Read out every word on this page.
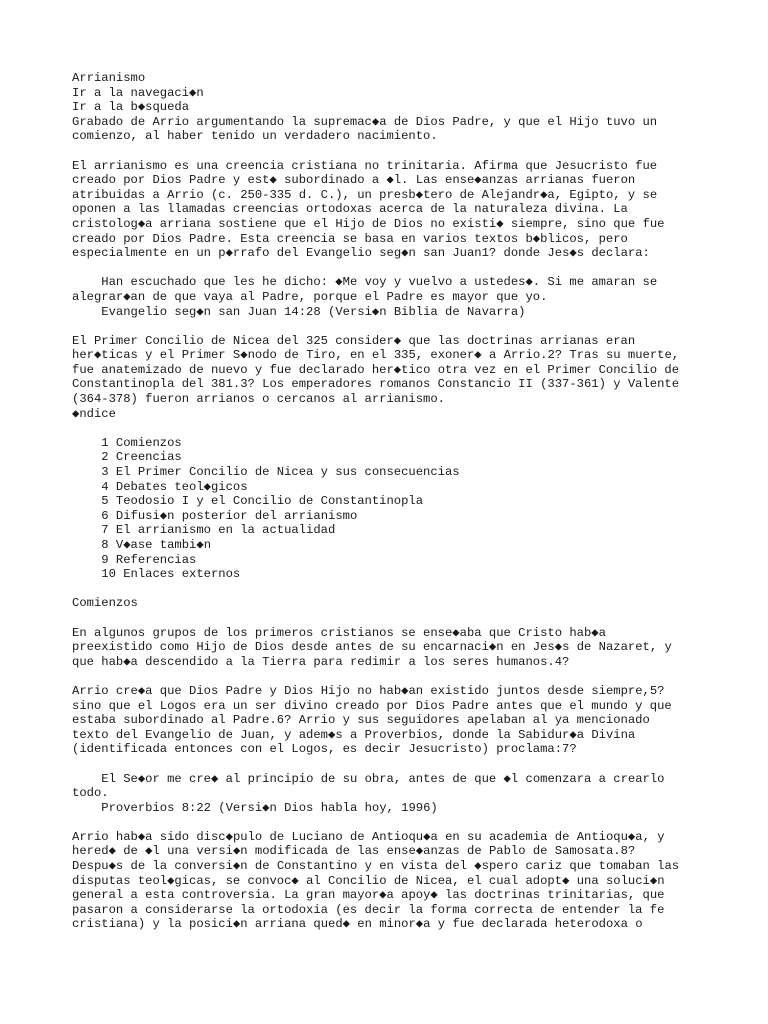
Arrianismo
Ir a la navegaci◆n
Ir a la b◆squeda
Grabado de Arrio argumentando la supremac◆a de Dios Padre, y que el Hijo tuvo un
comienzo, al haber tenido un verdadero nacimiento.
El arrianismo es una creencia cristiana no trinitaria. Afirma que Jesucristo fue
creado por Dios Padre y est◆ subordinado a ◆l. Las ense◆anzas arrianas fueron
atribuidas a Arrio (c. 250-335 d. C.), un presb◆tero de Alejandr◆a, Egipto, y se
oponen a las llamadas creencias ortodoxas acerca de la naturaleza divina. La
cristolog◆a arriana sostiene que el Hijo de Dios no existi◆ siempre, sino que fue
creado por Dios Padre. Esta creencia se basa en varios textos b◆blicos, pero
especialmente en un p◆rrafo del Evangelio seg◆n san Juan1? donde Jes◆s declara:
Han escuchado que les he dicho: ◆Me voy y vuelvo a ustedes◆. Si me amaran se
alegrar◆an de que vaya al Padre, porque el Padre es mayor que yo.
Evangelio seg◆n san Juan 14:28 (Versi◆n Biblia de Navarra)
El Primer Concilio de Nicea del 325 consider◆ que las doctrinas arrianas eran
her◆ticas y el Primer S◆nodo de Tiro, en el 335, exoner◆ a Arrio.2? Tras su muerte,
fue anatemizado de nuevo y fue declarado her◆tico otra vez en el Primer Concilio de
Constantinopla del 381.3? Los emperadores romanos Constancio II (337-361) y Valente
(364-378) fueron arrianos o cercanos al arrianismo.
◆ndice
1 Comienzos
2 Creencias
3 El Primer Concilio de Nicea y sus consecuencias
4 Debates teol◆gicos
5 Teodosio I y el Concilio de Constantinopla
6 Difusi◆n posterior del arrianismo
7 El arrianismo en la actualidad
8 V◆ase tambi◆n
9 Referencias
10 Enlaces externos
Comienzos
En algunos grupos de los primeros cristianos se ense◆aba que Cristo hab◆a
preexistido como Hijo de Dios desde antes de su encarnaci◆n en Jes◆s de Nazaret, y
que hab◆a descendido a la Tierra para redimir a los seres humanos.4?
Arrio cre◆a que Dios Padre y Dios Hijo no hab◆an existido juntos desde siempre,5?
sino que el Logos era un ser divino creado por Dios Padre antes que el mundo y que
estaba subordinado al Padre.6? Arrio y sus seguidores apelaban al ya mencionado
texto del Evangelio de Juan, y adem◆s a Proverbios, donde la Sabidur◆a Divina
(identificada entonces con el Logos, es decir Jesucristo) proclama:7?
El Se◆or me cre◆ al principio de su obra, antes de que ◆l comenzara a crearlo
todo.
Proverbios 8:22 (Versi◆n Dios habla hoy, 1996)
Arrio hab◆a sido disc◆pulo de Luciano de Antioqu◆a en su academia de Antioqu◆a, y
hered◆ de ◆l una versi◆n modificada de las ense◆anzas de Pablo de Samosata.8?
Despu◆s de la conversi◆n de Constantino y en vista del ◆spero cariz que tomaban las
disputas teol◆gicas, se convoc◆ al Concilio de Nicea, el cual adopt◆ una soluci◆n
general a esta controversia. La gran mayor◆a apoy◆ las doctrinas trinitarias, que
pasaron a considerarse la ortodoxia (es decir la forma correcta de entender la fe
cristiana) y la posici◆n arriana qued◆ en minor◆a y fue declarada heterodoxa o
